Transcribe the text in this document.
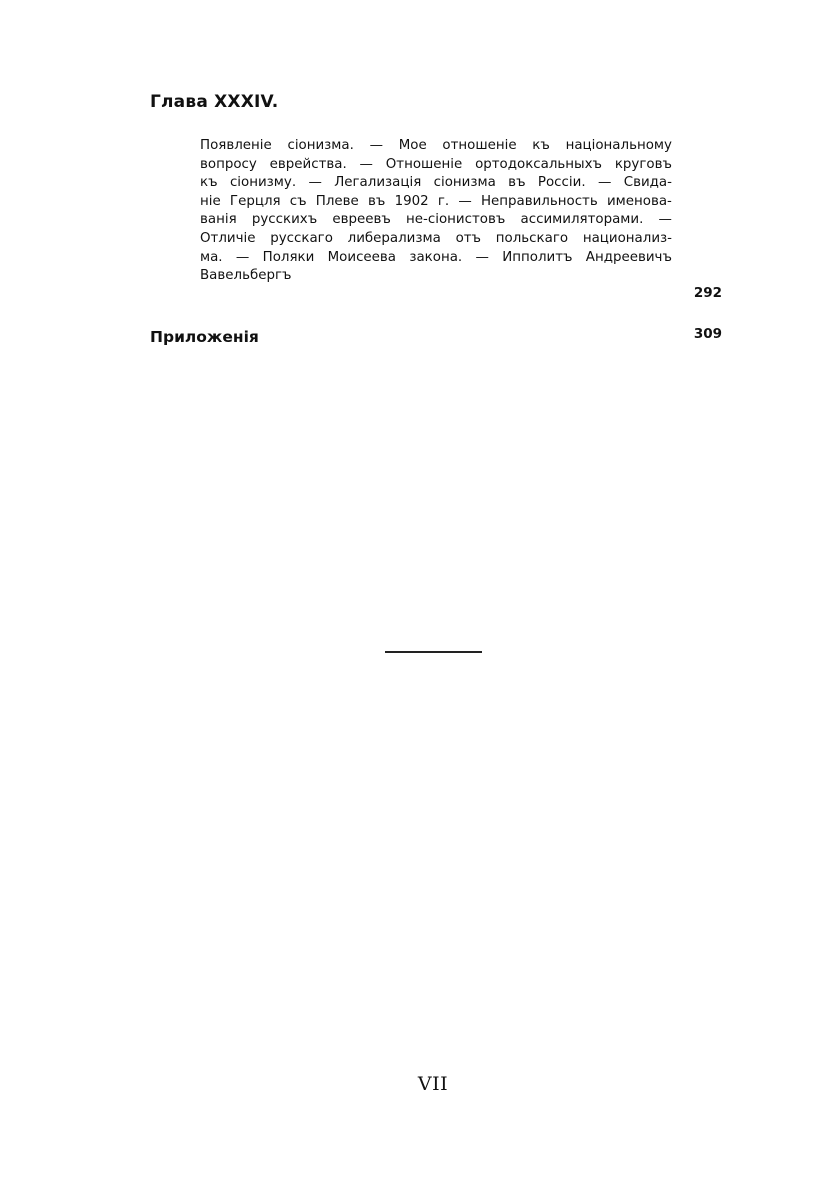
Глава XXXIV.
Появленіе сіонизма. — Мое отношеніе къ національному
вопросу еврейства. — Отношеніе ортодоксальныхъ круговъ
къ сіонизму. — Легализація сіонизма въ Россіи. — Свида-
ніе Герцля съ Плеве въ 1902 г. — Неправильность именова-
ванія русскихъ евреевъ не-сіонистовъ ассимиляторами. —
Отличіе русскаго либерализма отъ польскаго национализ-
ма. — Поляки Моисеева закона. — Ипполитъ Андреевичъ
Вавельбергъ
292
Приложенія	309
VII
